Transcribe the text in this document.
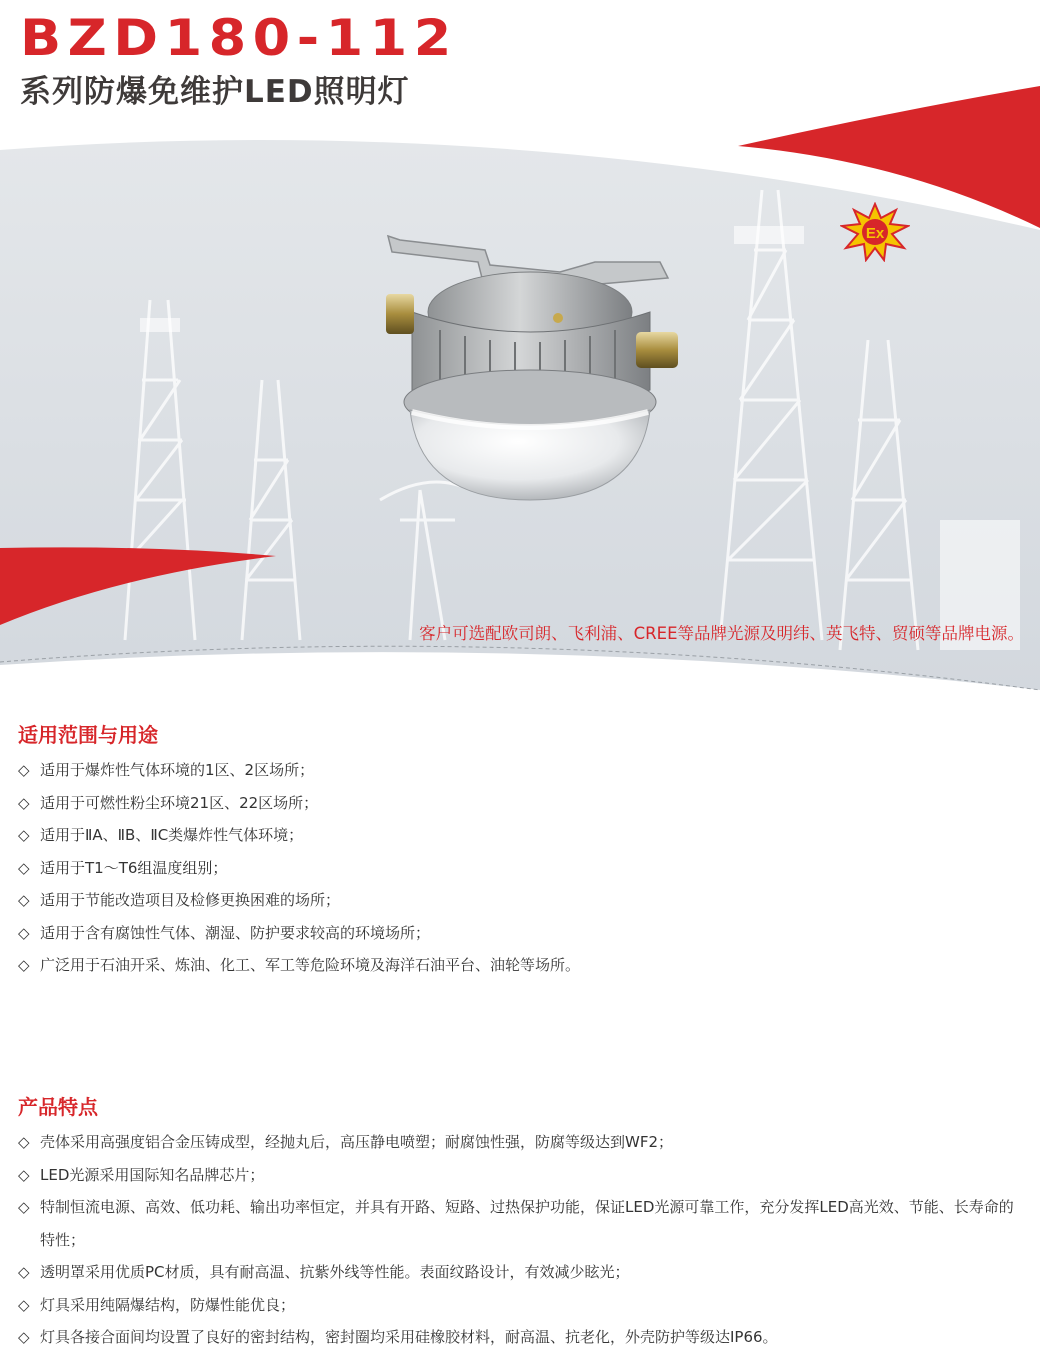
Ex
BZD180-112
系列防爆免维护LED照明灯
客户可选配欧司朗、飞利浦、CREE等品牌光源及明纬、英飞特、贸硕等品牌电源。
适用范围与用途
◇ 适用于爆炸性气体环境的1区、2区场所；
◇ 适用于可燃性粉尘环境21区、22区场所；
◇ 适用于ⅡA、ⅡB、ⅡC类爆炸性气体环境；
◇ 适用于T1～T6组温度组别；
◇ 适用于节能改造项目及检修更换困难的场所；
◇ 适用于含有腐蚀性气体、潮湿、防护要求较高的环境场所；
◇ 广泛用于石油开采、炼油、化工、军工等危险环境及海洋石油平台、油轮等场所。
产品特点
◇ 壳体采用高强度铝合金压铸成型，经抛丸后，高压静电喷塑；耐腐蚀性强，防腐等级达到WF2；
◇ LED光源采用国际知名品牌芯片；
◇ 特制恒流电源、高效、低功耗、输出功率恒定，并具有开路、短路、过热保护功能，保证LED光源可靠工作，充分发挥LED高光效、节能、长寿命的特性；
◇ 透明罩采用优质PC材质，具有耐高温、抗紫外线等性能。表面纹路设计，有效减少眩光；
◇ 灯具采用纯隔爆结构，防爆性能优良；
◇ 灯具各接合面间均设置了良好的密封结构，密封圈均采用硅橡胶材料，耐高温、抗老化，外壳防护等级达IP66。
